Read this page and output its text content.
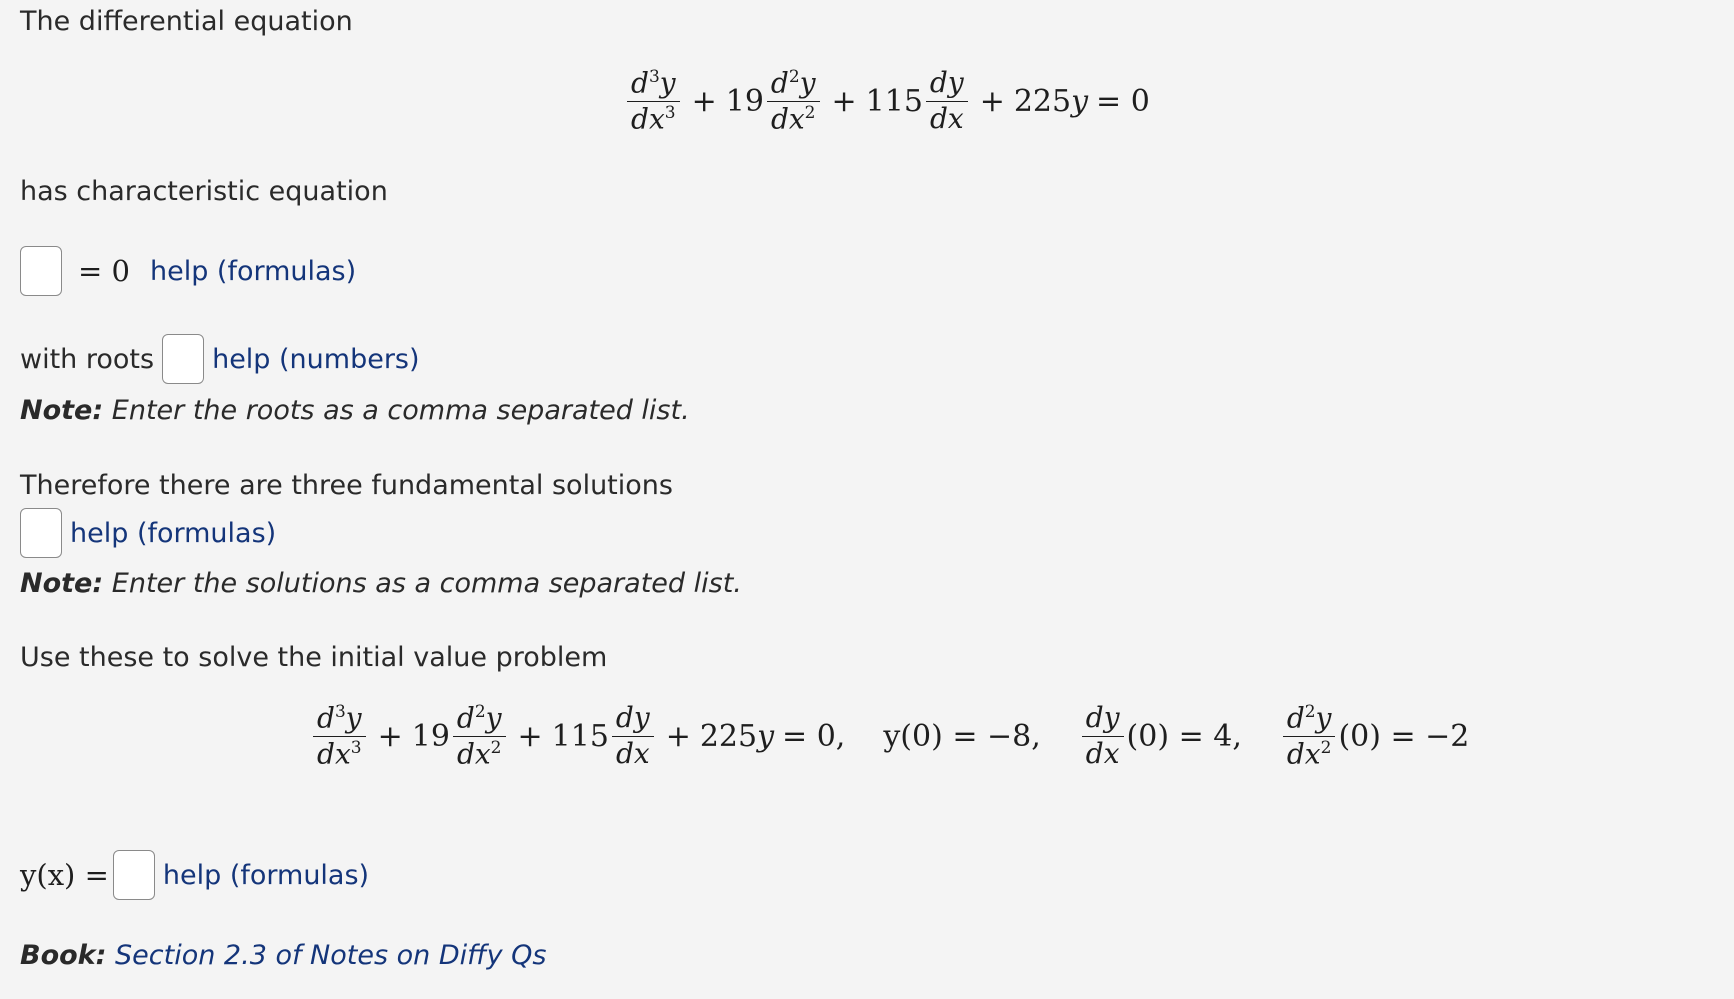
The differential equation
$\frac{d^3y}{dx^3} + 19 \frac{d^2y}{dx^2} + 115 \frac{dy}{dx} + 225$ y = 0
has characteristic equation
= 0 help (formulas)
with roots help (numbers)
Note: Enter the roots as a comma separated list.
Therefore there are three fundamental solutions
help (formulas)
Note: Enter the solutions as a comma separated list.
Use these to solve the initial value problem
$\frac{d^3y}{dx^3} + 19 \frac{d^2y}{dx^2} + 115 \frac{dy}{dx} + 225$ y = 0, y(0) = −8, $\frac{dy}{dx} (0) = 4$, $\frac{d^2y}{dx^2} (0) = -2$
y(x) = help (formulas)
Book: Section 2.3 of Notes on Diffy Qs
